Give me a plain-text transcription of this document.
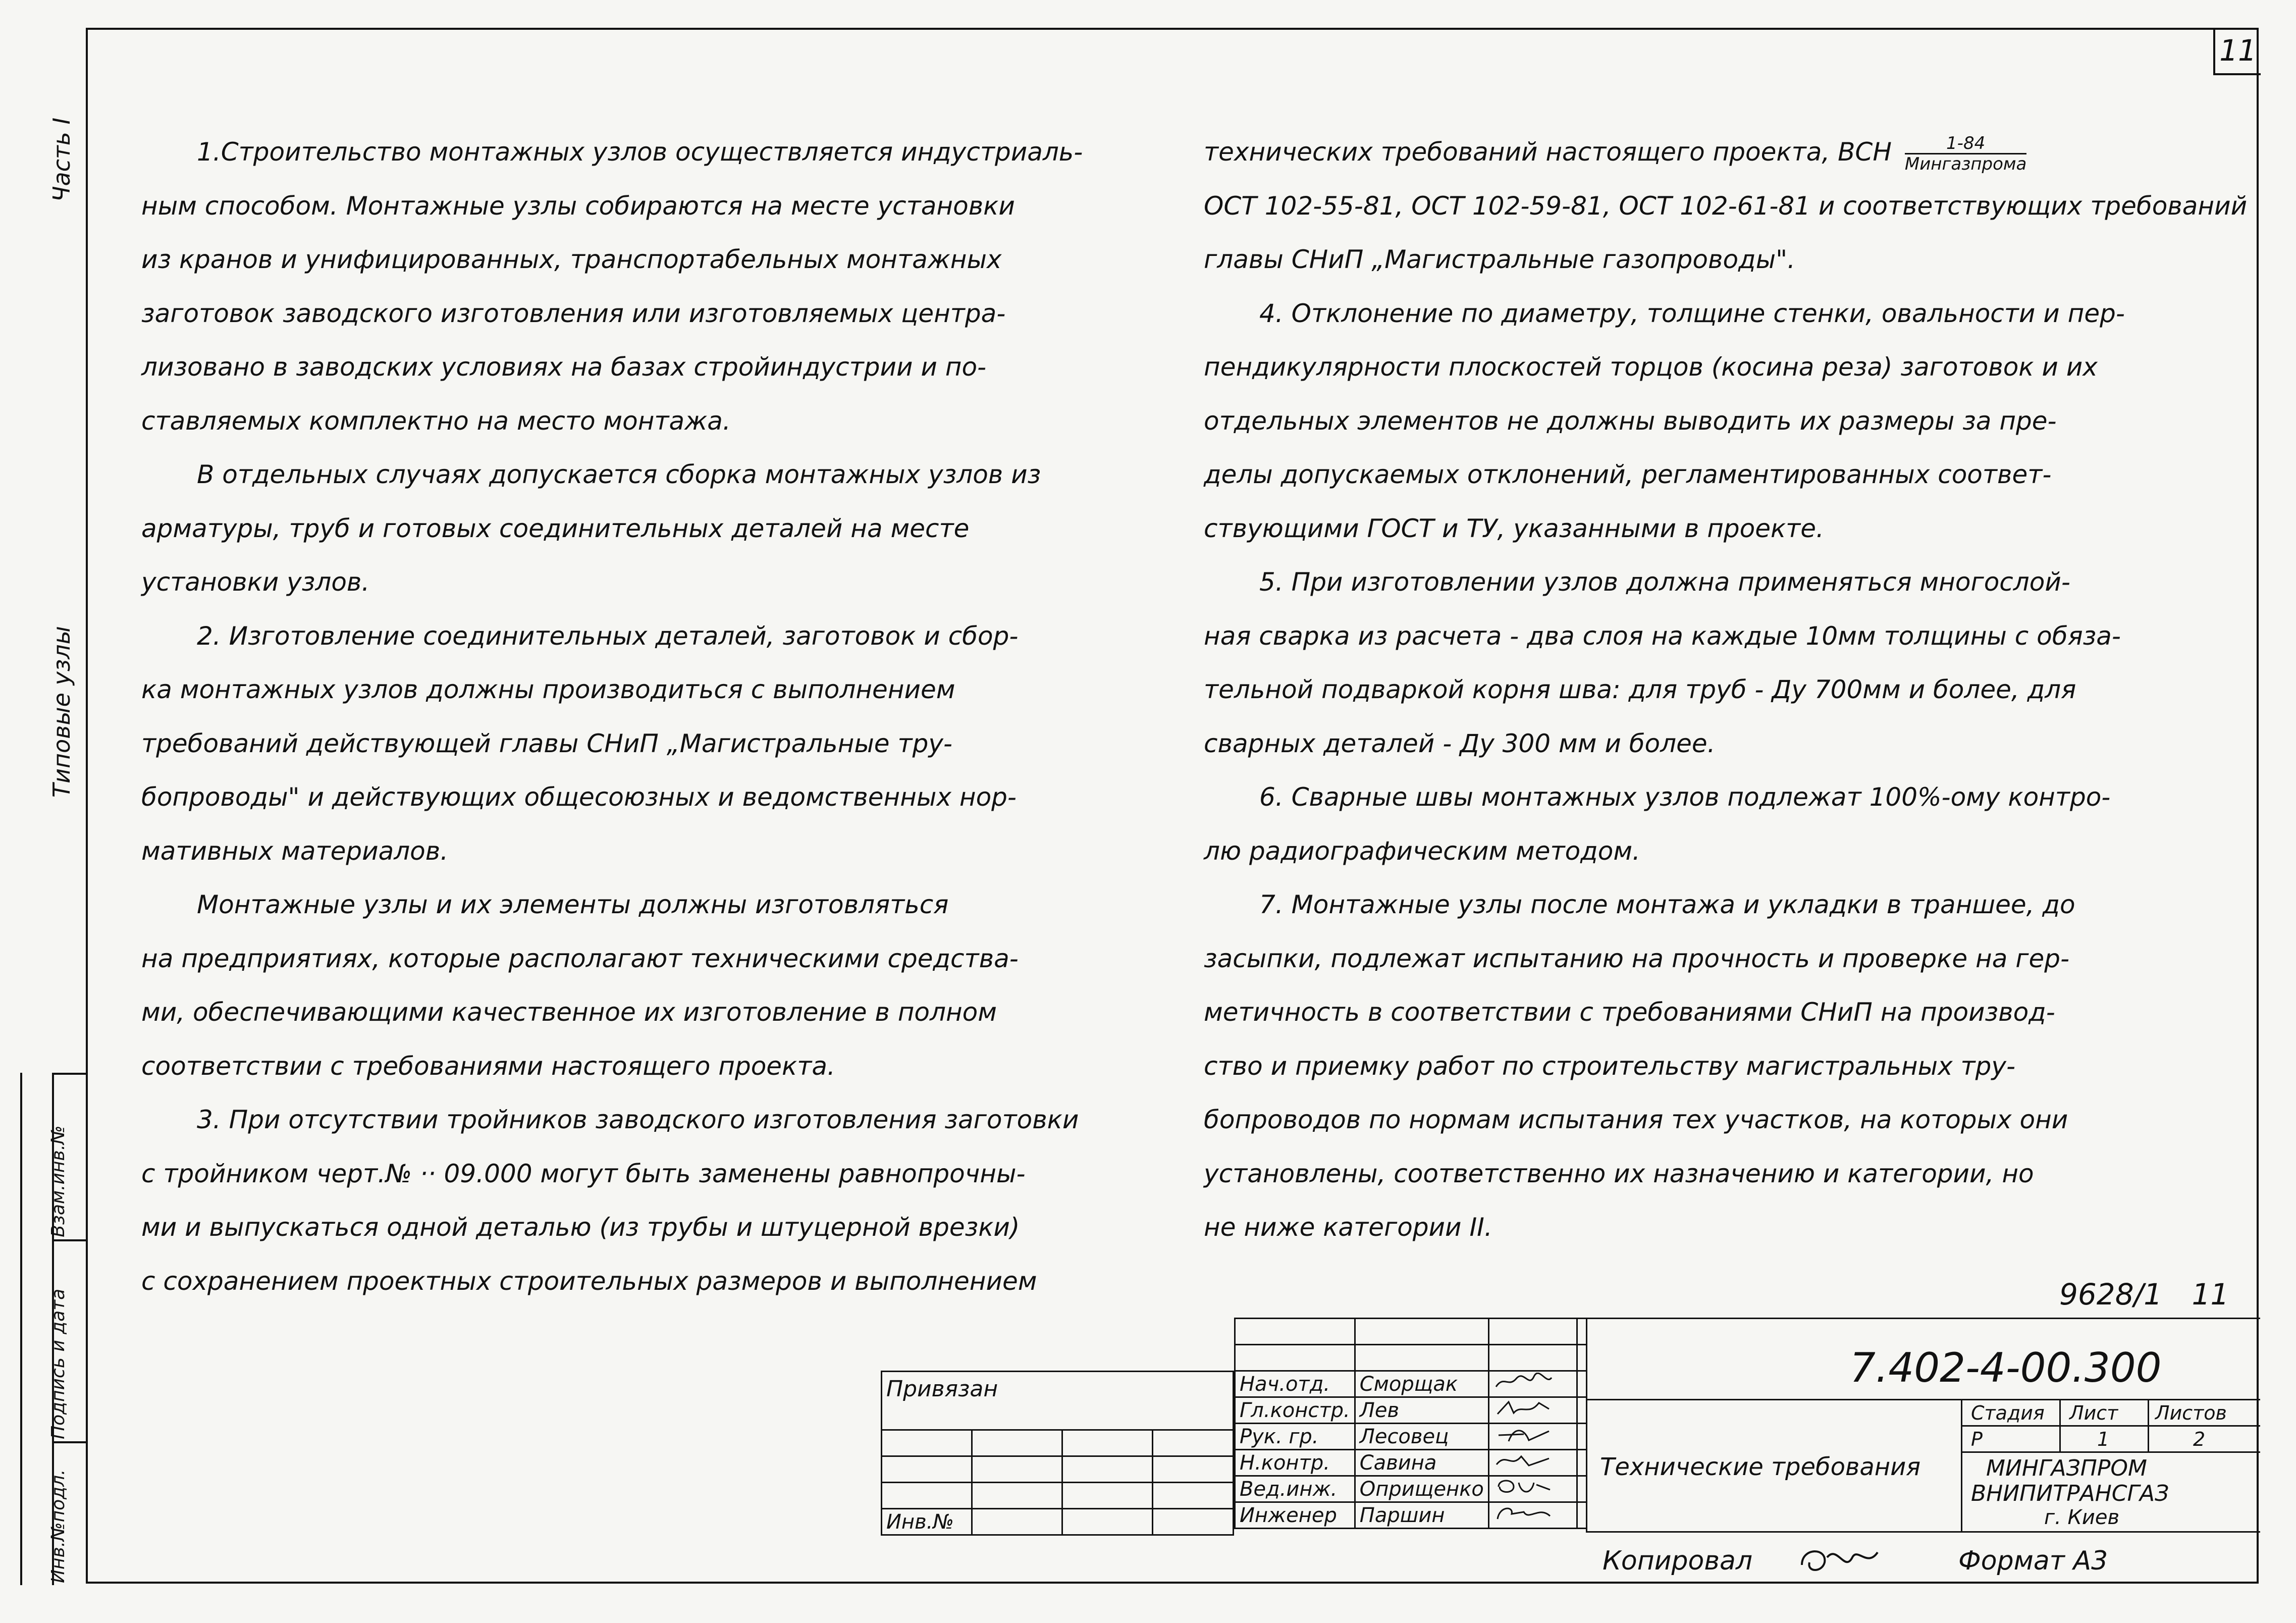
11
Часть I
Типовые узлы
Взам.инв.№
Подпись и дата
Инв.№подл.

1.Строительство монтажных узлов осуществляется индустриаль-

ным способом. Монтажные узлы собираются на месте установки

из кранов и унифицированных, транспортабельных монтажных

заготовок заводского изготовления или изготовляемых центра-

лизовано в заводских условиях на базах стройиндустрии и по-

ставляемых комплектно на место монтажа.

В отдельных случаях допускается сборка монтажных узлов из

арматуры, труб и готовых соединительных деталей на месте

установки узлов.

2. Изготовление соединительных деталей, заготовок и сбор-

ка монтажных узлов должны производиться с выполнением

требований действующей главы СНиП „Магистральные тру-

бопроводы" и действующих общесоюзных и ведомственных нор-

мативных материалов.

Монтажные узлы и их элементы должны изготовляться

на предприятиях, которые располагают техническими средства-

ми, обеспечивающими качественное их изготовление в полном

соответствии с требованиями настоящего проекта.

3. При отсутствии тройников заводского изготовления заготовки

с тройником черт.№ ·· 09.000 могут быть заменены равнопрочны-

ми и выпускаться одной деталью (из трубы и штуцерной врезки)

с сохранением проектных строительных размеров и выполнением

технических требований настоящего проекта, ВСН	1-84
Мингазпрома

ОСТ 102-55-81, ОСТ 102-59-81, ОСТ 102-61-81 и соответствующих требований

главы СНиП „Магистральные газопроводы".

4. Отклонение по диаметру, толщине стенки, овальности и пер-

пендикулярности плоскостей торцов (косина реза) заготовок и их

отдельных элементов не должны выводить их размеры за пре-

делы допускаемых отклонений, регламентированных соответ-

ствующими ГОСТ и ТУ, указанными в проекте.

5. При изготовлении узлов должна применяться многослой-

ная сварка из расчета - два слоя на каждые 10мм толщины с обяза-

тельной подваркой корня шва: для труб - Ду 700мм и более, для

сварных деталей - Ду 300 мм и более.

6. Сварные швы монтажных узлов подлежат 100%-ому контро-

лю радиографическим методом.

7. Монтажные узлы после монтажа и укладки в траншее, до

засыпки, подлежат испытанию на прочность и проверке на гер-

метичность в соответствии с требованиями СНиП на производ-

ство и приемку работ по строительству магистральных тру-

бопроводов по нормам испытания тех участков, на которых они

установлены, соответственно их назначению и категории, но

не ниже категории II.

9628/1 11
Привязан			

Инв.№			

Нач.отд.	Сморщак		
Гл.констр.	Лев		
Рук. гр.	Лесовец		
Н.контр.	Савина		
Вед.инж.	Оприщенко		
Инженер	Паршин		
7.402-4-00.300
Технические требования
Стадия Лист Листов
Р	1	2
МИНГАЗПРОМ
ВНИПИТРАНСГАЗ
г. Киев
Копировал	Формат А3
